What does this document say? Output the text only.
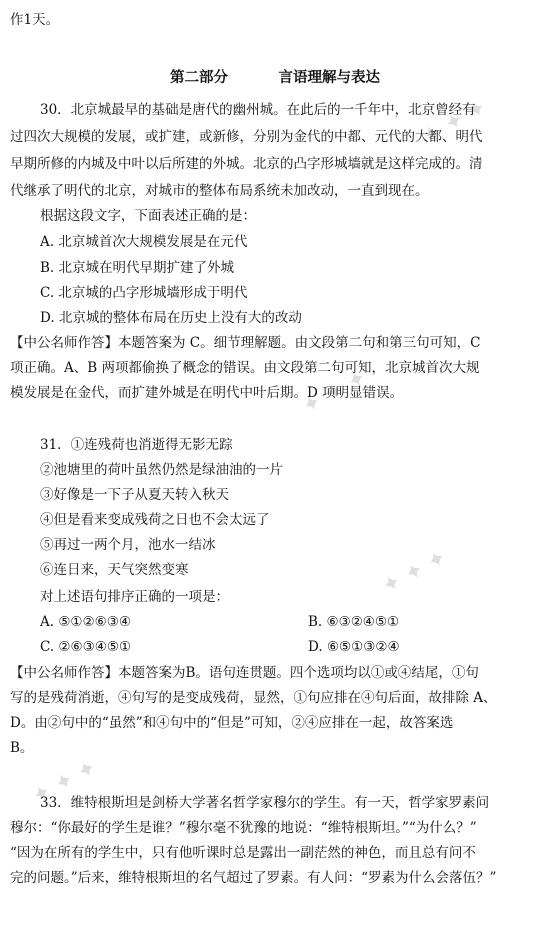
✦ ✦ ✦
✦ ✦ ✦
✦ ✦ ✦
✦ ✦ ✦
作1天。
第二部分          言语理解与表达
30．北京城最早的基础是唐代的幽州城。在此后的一千年中，北京曾经有
过四次大规模的发展，或扩建，或新修，分别为金代的中都、元代的大都、明代
早期所修的内城及中叶以后所建的外城。北京的凸字形城墙就是这样完成的。清
代继承了明代的北京，对城市的整体布局系统未加改动，一直到现在。
根据这段文字，下面表述正确的是：
A. 北京城首次大规模发展是在元代
B. 北京城在明代早期扩建了外城
C. 北京城的凸字形城墙形成于明代
D. 北京城的整体布局在历史上没有大的改动
【中公名师作答】本题答案为 C。细节理解题。由文段第二句和第三句可知，C
项正确。A、B 两项都偷换了概念的错误。由文段第二句可知，北京城首次大规
模发展是在金代，而扩建外城是在明代中叶后期。D 项明显错误。
31．①连残荷也消逝得无影无踪
②池塘里的荷叶虽然仍然是绿油油的一片
③好像是一下子从夏天转入秋天
④但是看来变成残荷之日也不会太远了
⑤再过一两个月，池水一结冰
⑥连日来，天气突然变寒
对上述语句排序正确的一项是：
A. ⑤①②⑥③④	B. ⑥③②④⑤①
C. ②⑥③④⑤①	D. ⑥⑤①③②④
【中公名师作答】本题答案为B。语句连贯题。四个选项均以①或④结尾，①句
写的是残荷消逝，④句写的是变成残荷，显然，①句应排在④句后面，故排除 A、
D。由②句中的“虽然”和④句中的“但是”可知，②④应排在一起，故答案选
B。
33．维特根斯坦是剑桥大学著名哲学家穆尔的学生。有一天，哲学家罗素问
穆尔：“你最好的学生是谁？”穆尔毫不犹豫的地说：“维特根斯坦。”“为什么？”
“因为在所有的学生中，只有他听课时总是露出一副茫然的神色，而且总有问不
完的问题。”后来，维特根斯坦的名气超过了罗素。有人问：“罗素为什么会落伍？”
